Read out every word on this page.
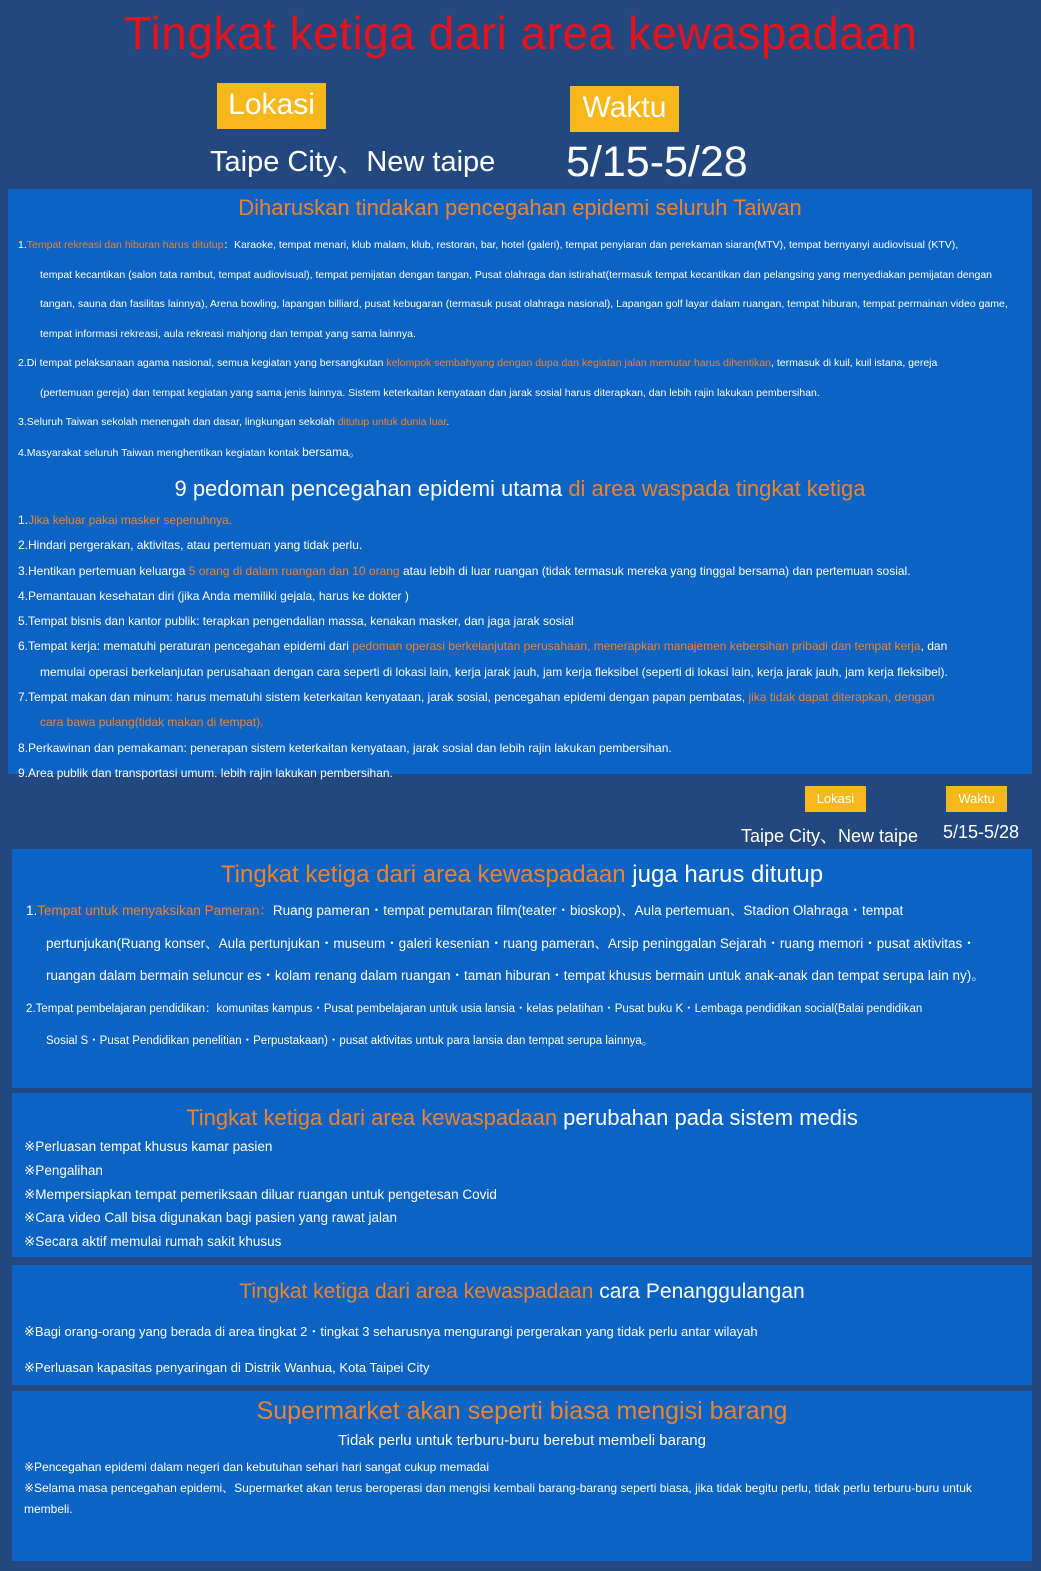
Tingkat ketiga dari area kewaspadaan
Lokasi	Waktu
Taipe City、New taipe 5/15-5/28
Diharuskan tindakan pencegahan epidemi seluruh Taiwan

1.Tempat rekreasi dan hiburan harus ditutup：Karaoke, tempat menari, klub malam, klub, restoran, bar, hotel (galeri), tempat penyiaran dan perekaman siaran(MTV), tempat bernyanyi audiovisual (KTV),
tempat kecantikan (salon tata rambut, tempat audiovisual), tempat pemijatan dengan tangan, Pusat olahraga dan istirahat(termasuk tempat kecantikan dan pelangsing yang menyediakan pemijatan dengan tangan, sauna dan fasilitas lainnya), Arena bowling, lapangan billiard, pusat kebugaran (termasuk pusat olahraga nasional), Lapangan golf layar dalam ruangan, tempat hiburan, tempat permainan video game, tempat informasi rekreasi, aula rekreasi mahjong dan tempat yang sama lainnya.

2.Di tempat pelaksanaan agama nasional, semua kegiatan yang bersangkutan kelompok sembahyang dengan dupa dan kegiatan jalan memutar harus dihentikan, termasuk di kuil, kuil istana, gereja
(pertemuan gereja) dan tempat kegiatan yang sama jenis lainnya. Sistem keterkaitan kenyataan dan jarak sosial harus diterapkan, dan lebih rajin lakukan pembersihan.

3.Seluruh Taiwan sekolah menengah dan dasar, lingkungan sekolah ditutup untuk dunia luar.

4.Masyarakat seluruh Taiwan menghentikan kegiatan kontak bersama。

9 pedoman pencegahan epidemi utama di area waspada tingkat ketiga

1.Jika keluar pakai masker sepenuhnya.

2.Hindari pergerakan, aktivitas, atau pertemuan yang tidak perlu.

3.Hentikan pertemuan keluarga 5 orang di dalam ruangan dan 10 orang atau lebih di luar ruangan (tidak termasuk mereka yang tinggal bersama) dan pertemuan sosial.

4.Pemantauan kesehatan diri (jika Anda memiliki gejala, harus ke dokter )

5.Tempat bisnis dan kantor publik: terapkan pengendalian massa, kenakan masker, dan jaga jarak sosial

6.Tempat kerja: mematuhi peraturan pencegahan epidemi dari pedoman operasi berkelanjutan perusahaan, menerapkan manajemen kebersihan pribadi dan tempat kerja, dan
memulai operasi berkelanjutan perusahaan dengan cara seperti di lokasi lain, kerja jarak jauh, jam kerja fleksibel (seperti di lokasi lain, kerja jarak jauh, jam kerja fleksibel).

7.Tempat makan dan minum: harus mematuhi sistem keterkaitan kenyataan, jarak sosial, pencegahan epidemi dengan papan pembatas, jika tidak dapat diterapkan, dengan
cara bawa pulang(tidak makan di tempat).

8.Perkawinan dan pemakaman: penerapan sistem keterkaitan kenyataan, jarak sosial dan lebih rajin lakukan pembersihan.

9.Area publik dan transportasi umum. lebih rajin lakukan pembersihan.

Lokasi	Waktu
Taipe City、New taipe 5/15-5/28
Tingkat ketiga dari area kewaspadaan juga harus ditutup

1.Tempat untuk menyaksikan Pameran：Ruang pameran・tempat pemutaran film(teater・bioskop)、Aula pertemuan、Stadion Olahraga・tempat
pertunjukan(Ruang konser、Aula pertunjukan・museum・galeri kesenian・ruang pameran、Arsip peninggalan Sejarah・ruang memori・pusat aktivitas・ruangan dalam bermain seluncur es・kolam renang dalam ruangan・taman hiburan・tempat khusus bermain untuk anak-anak dan tempat serupa lain ny)。

2.Tempat pembelajaran pendidikan：komunitas kampus・Pusat pembelajaran untuk usia lansia・kelas pelatihan・Pusat buku K・Lembaga pendidikan social(Balai pendidikan
Sosial S・Pusat Pendidikan penelitian・Perpustakaan)・pusat aktivitas untuk para lansia dan tempat serupa lainnya。

Tingkat ketiga dari area kewaspadaan perubahan pada sistem medis

※Perluasan tempat khusus kamar pasien

※Pengalihan

※Mempersiapkan tempat pemeriksaan diluar ruangan untuk pengetesan Covid

※Cara video Call bisa digunakan bagi pasien yang rawat jalan

※Secara aktif memulai rumah sakit khusus

Tingkat ketiga dari area kewaspadaan cara Penanggulangan

※Bagi orang-orang yang berada di area tingkat 2・tingkat 3 seharusnya mengurangi pergerakan yang tidak perlu antar wilayah

※Perluasan kapasitas penyaringan di Distrik Wanhua, Kota Taipei City

Supermarket akan seperti biasa mengisi barang
Tidak perlu untuk terburu-buru berebut membeli barang

※Pencegahan epidemi dalam negeri dan kebutuhan sehari hari sangat cukup memadai

※Selama masa pencegahan epidemi、Supermarket akan terus beroperasi dan mengisi kembali barang-barang seperti biasa, jika tidak begitu perlu, tidak perlu terburu-buru untuk membeli.
